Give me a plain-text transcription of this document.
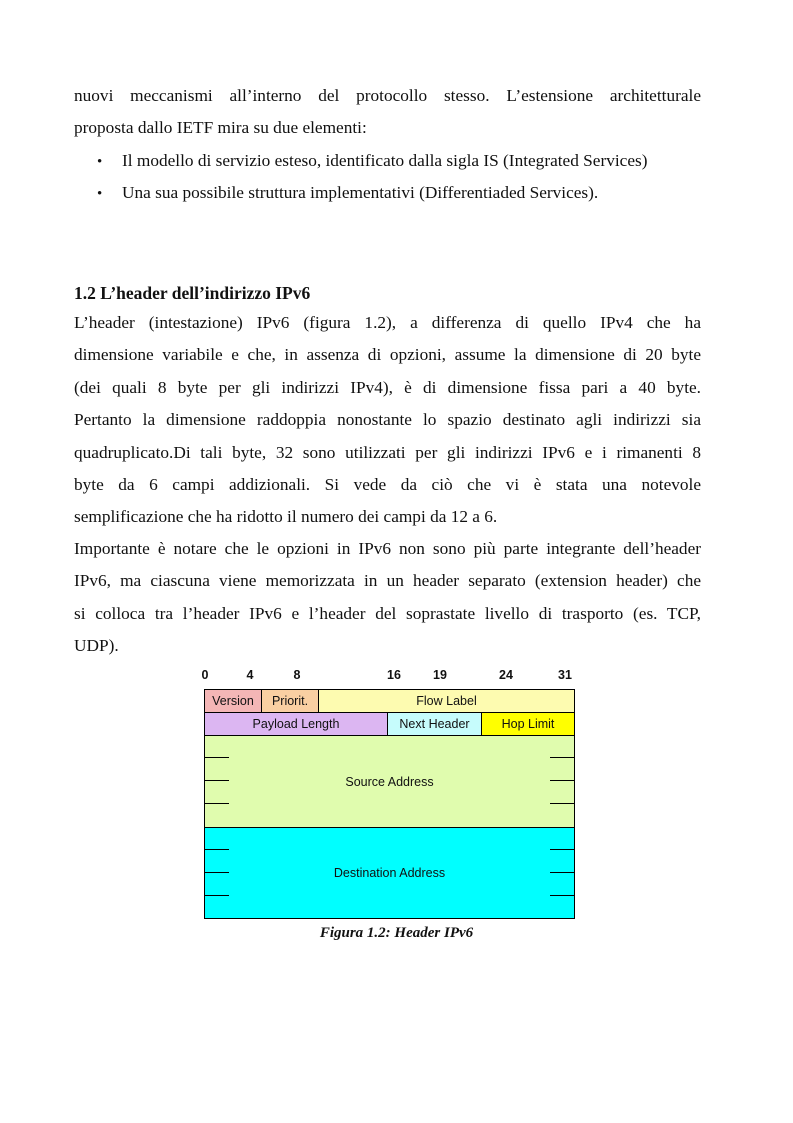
nuovi meccanismi all’interno del protocollo stesso. L’estensione architetturale
proposta dallo IETF mira su due elementi:
• Il modello di servizio esteso, identificato dalla sigla IS (Integrated Services)
• Una sua possibile struttura implementativi (Differentiaded Services).
1.2 L’header dell’indirizzo IPv6
L’header (intestazione) IPv6 (figura 1.2), a differenza di quello IPv4 che ha
dimensione variabile e che, in assenza di opzioni, assume la dimensione di 20 byte
(dei quali 8 byte per gli indirizzi IPv4), è di dimensione fissa pari a 40 byte.
Pertanto la dimensione raddoppia nonostante lo spazio destinato agli indirizzi sia
quadruplicato.Di tali byte, 32 sono utilizzati per gli indirizzi IPv6 e i rimanenti 8
byte da 6 campi addizionali. Si vede da ciò che vi è stata una notevole
semplificazione che ha ridotto il numero dei campi da 12 a 6.
Importante è notare che le opzioni in IPv6 non sono più parte integrante dell’header
IPv6, ma ciascuna viene memorizzata in un header separato (extension header) che
si colloca tra l’header IPv6 e l’header del soprastate livello di trasporto (es. TCP,
UDP).
0	4	8	16	19	24	31
Version	Priorit.	Flow Label
Payload Length	Next Header	Hop Limit
Source Address
Destination Address
Figura 1.2: Header IPv6
